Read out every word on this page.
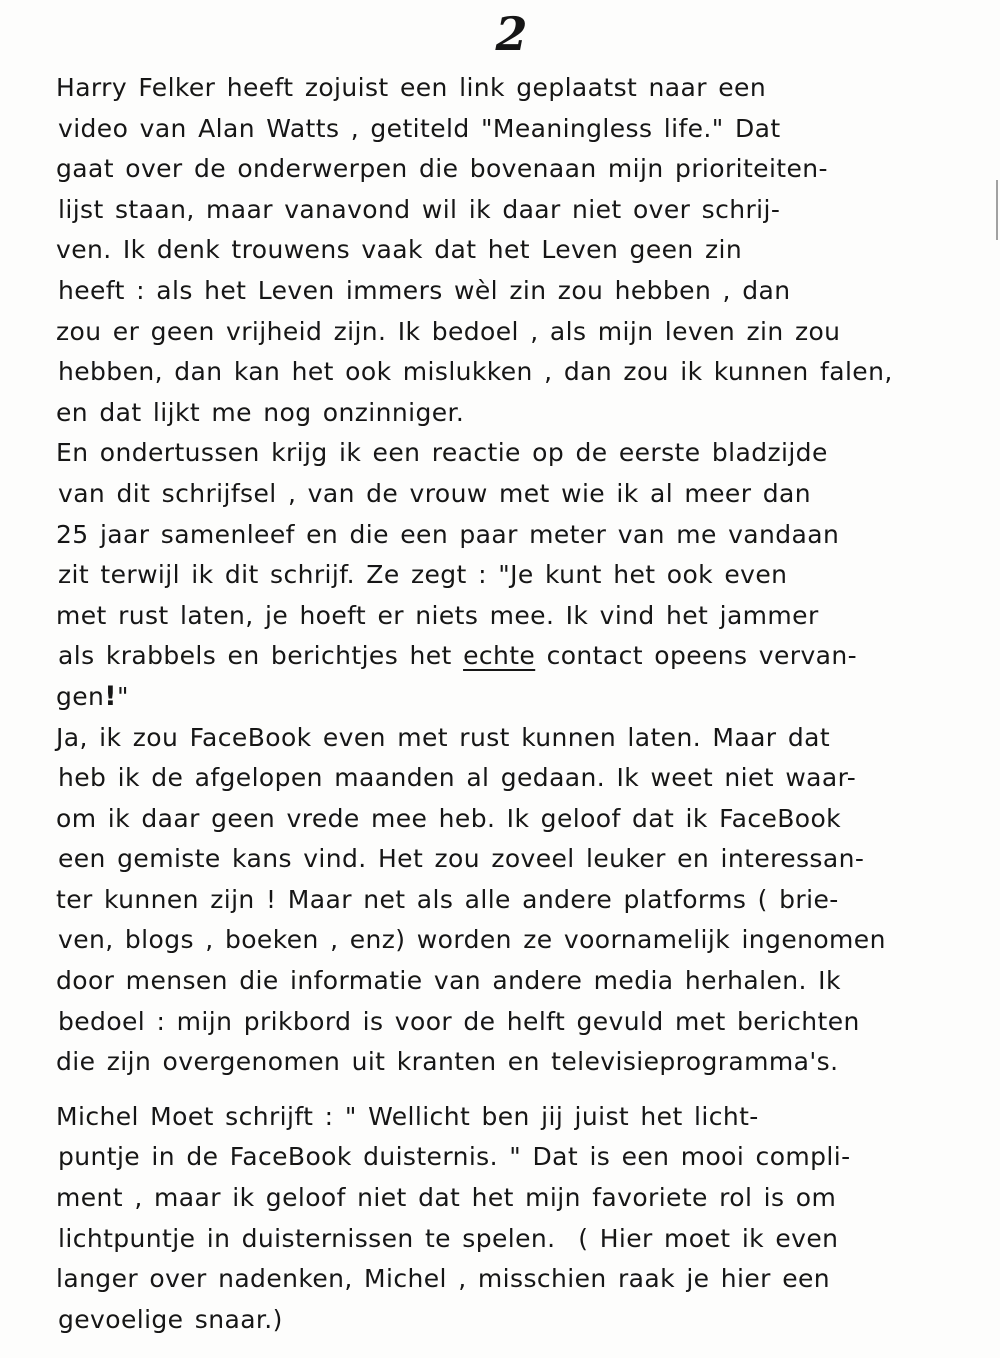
2
Harry Felker heeft zojuist een link geplaatst naar een
video van Alan Watts , getiteld "Meaningless life." Dat
gaat over de onderwerpen die bovenaan mijn prioriteiten-
lijst staan, maar vanavond wil ik daar niet over schrij-
ven. Ik denk trouwens vaak dat het Leven geen zin
heeft : als het Leven immers wèl zin zou hebben , dan
zou er geen vrijheid zijn. Ik bedoel , als mijn leven zin zou
hebben, dan kan het ook mislukken , dan zou ik kunnen falen,
en dat lijkt me nog onzinniger.
En ondertussen krijg ik een reactie op de eerste bladzijde
van dit schrijfsel , van de vrouw met wie ik al meer dan
25 jaar samenleef en die een paar meter van me vandaan
zit terwijl ik dit schrijf. Ze zegt : "Je kunt het ook even
met rust laten, je hoeft er niets mee. Ik vind het jammer
als krabbels en berichtjes het echte contact opeens vervan-
gen!"
Ja, ik zou FaceBook even met rust kunnen laten. Maar dat
heb ik de afgelopen maanden al gedaan. Ik weet niet waar-
om ik daar geen vrede mee heb. Ik geloof dat ik FaceBook
een gemiste kans vind. Het zou zoveel leuker en interessan-
ter kunnen zijn ! Maar net als alle andere platforms ( brie-
ven, blogs , boeken , enz) worden ze voornamelijk ingenomen
door mensen die informatie van andere media herhalen. Ik
bedoel : mijn prikbord is voor de helft gevuld met berichten
die zijn overgenomen uit kranten en televisieprogramma's.
Michel Moet schrijft : " Wellicht ben jij juist het licht-
puntje in de FaceBook duisternis. " Dat is een mooi compli-
ment , maar ik geloof niet dat het mijn favoriete rol is om
lichtpuntje in duisternissen te spelen.  ( Hier moet ik even
langer over nadenken, Michel , misschien raak je hier een
gevoelige snaar.)
